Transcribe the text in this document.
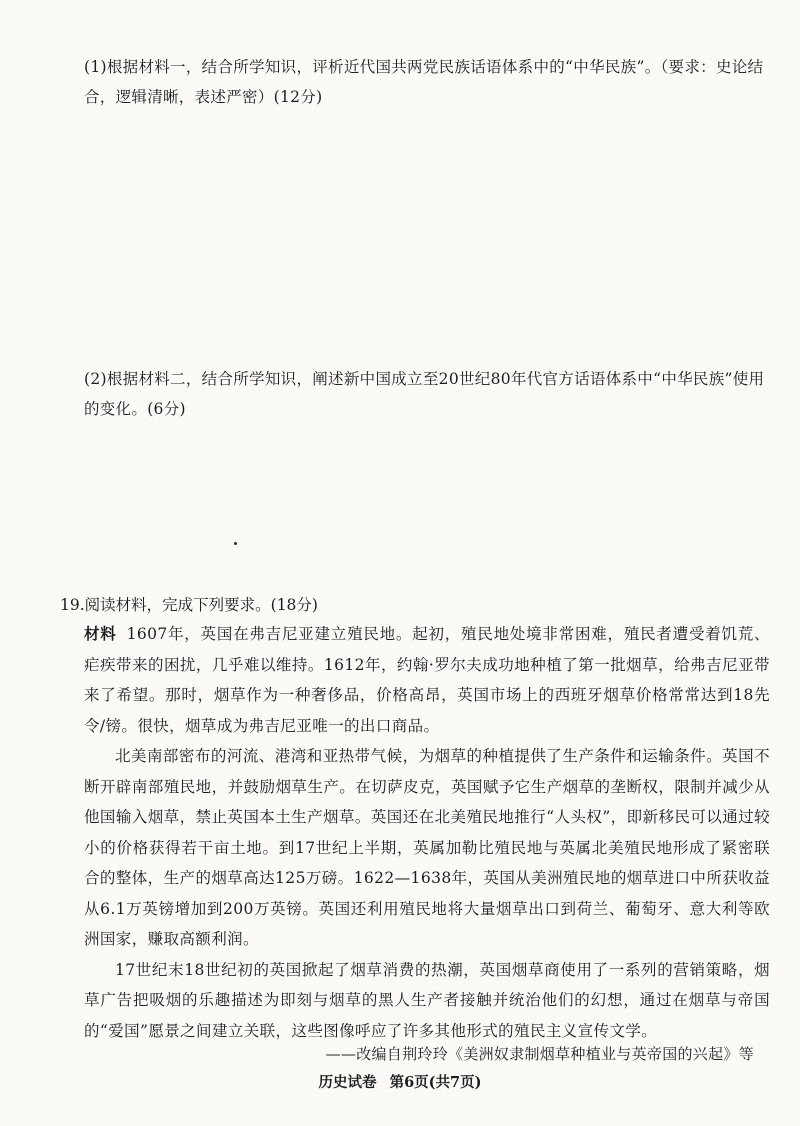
(1)根据材料一，结合所学知识，评析近代国共两党民族话语体系中的“中华民族”。（要求：史论结合，逻辑清晰，表述严密）(12分)
(2)根据材料二，结合所学知识，阐述新中国成立至20世纪80年代官方话语体系中“中华民族”使用的变化。(6分)
19.阅读材料，完成下列要求。(18分)

材料 1607年，英国在弗吉尼亚建立殖民地。起初，殖民地处境非常困难，殖民者遭受着饥荒、疟疾带来的困扰，几乎难以维持。1612年，约翰·罗尔夫成功地种植了第一批烟草，给弗吉尼亚带来了希望。那时，烟草作为一种奢侈品，价格高昂，英国市场上的西班牙烟草价格常常达到18先令/镑。很快，烟草成为弗吉尼亚唯一的出口商品。

北美南部密布的河流、港湾和亚热带气候，为烟草的种植提供了生产条件和运输条件。英国不断开辟南部殖民地，并鼓励烟草生产。在切萨皮克，英国赋予它生产烟草的垄断权，限制并减少从他国输入烟草，禁止英国本土生产烟草。英国还在北美殖民地推行“人头权”，即新移民可以通过较小的价格获得若干亩土地。到17世纪上半期，英属加勒比殖民地与英属北美殖民地形成了紧密联合的整体，生产的烟草高达125万磅。1622—1638年，英国从美洲殖民地的烟草进口中所获收益从6.1万英镑增加到200万英镑。英国还利用殖民地将大量烟草出口到荷兰、葡萄牙、意大利等欧洲国家，赚取高额利润。

17世纪末18世纪初的英国掀起了烟草消费的热潮，英国烟草商使用了一系列的营销策略，烟草广告把吸烟的乐趣描述为即刻与烟草的黑人生产者接触并统治他们的幻想，通过在烟草与帝国的“爱国”愿景之间建立关联，这些图像呼应了许多其他形式的殖民主义宣传文学。

——改编自荆玲玲《美洲奴隶制烟草种植业与英帝国的兴起》等
历史试卷 第6页(共7页)
